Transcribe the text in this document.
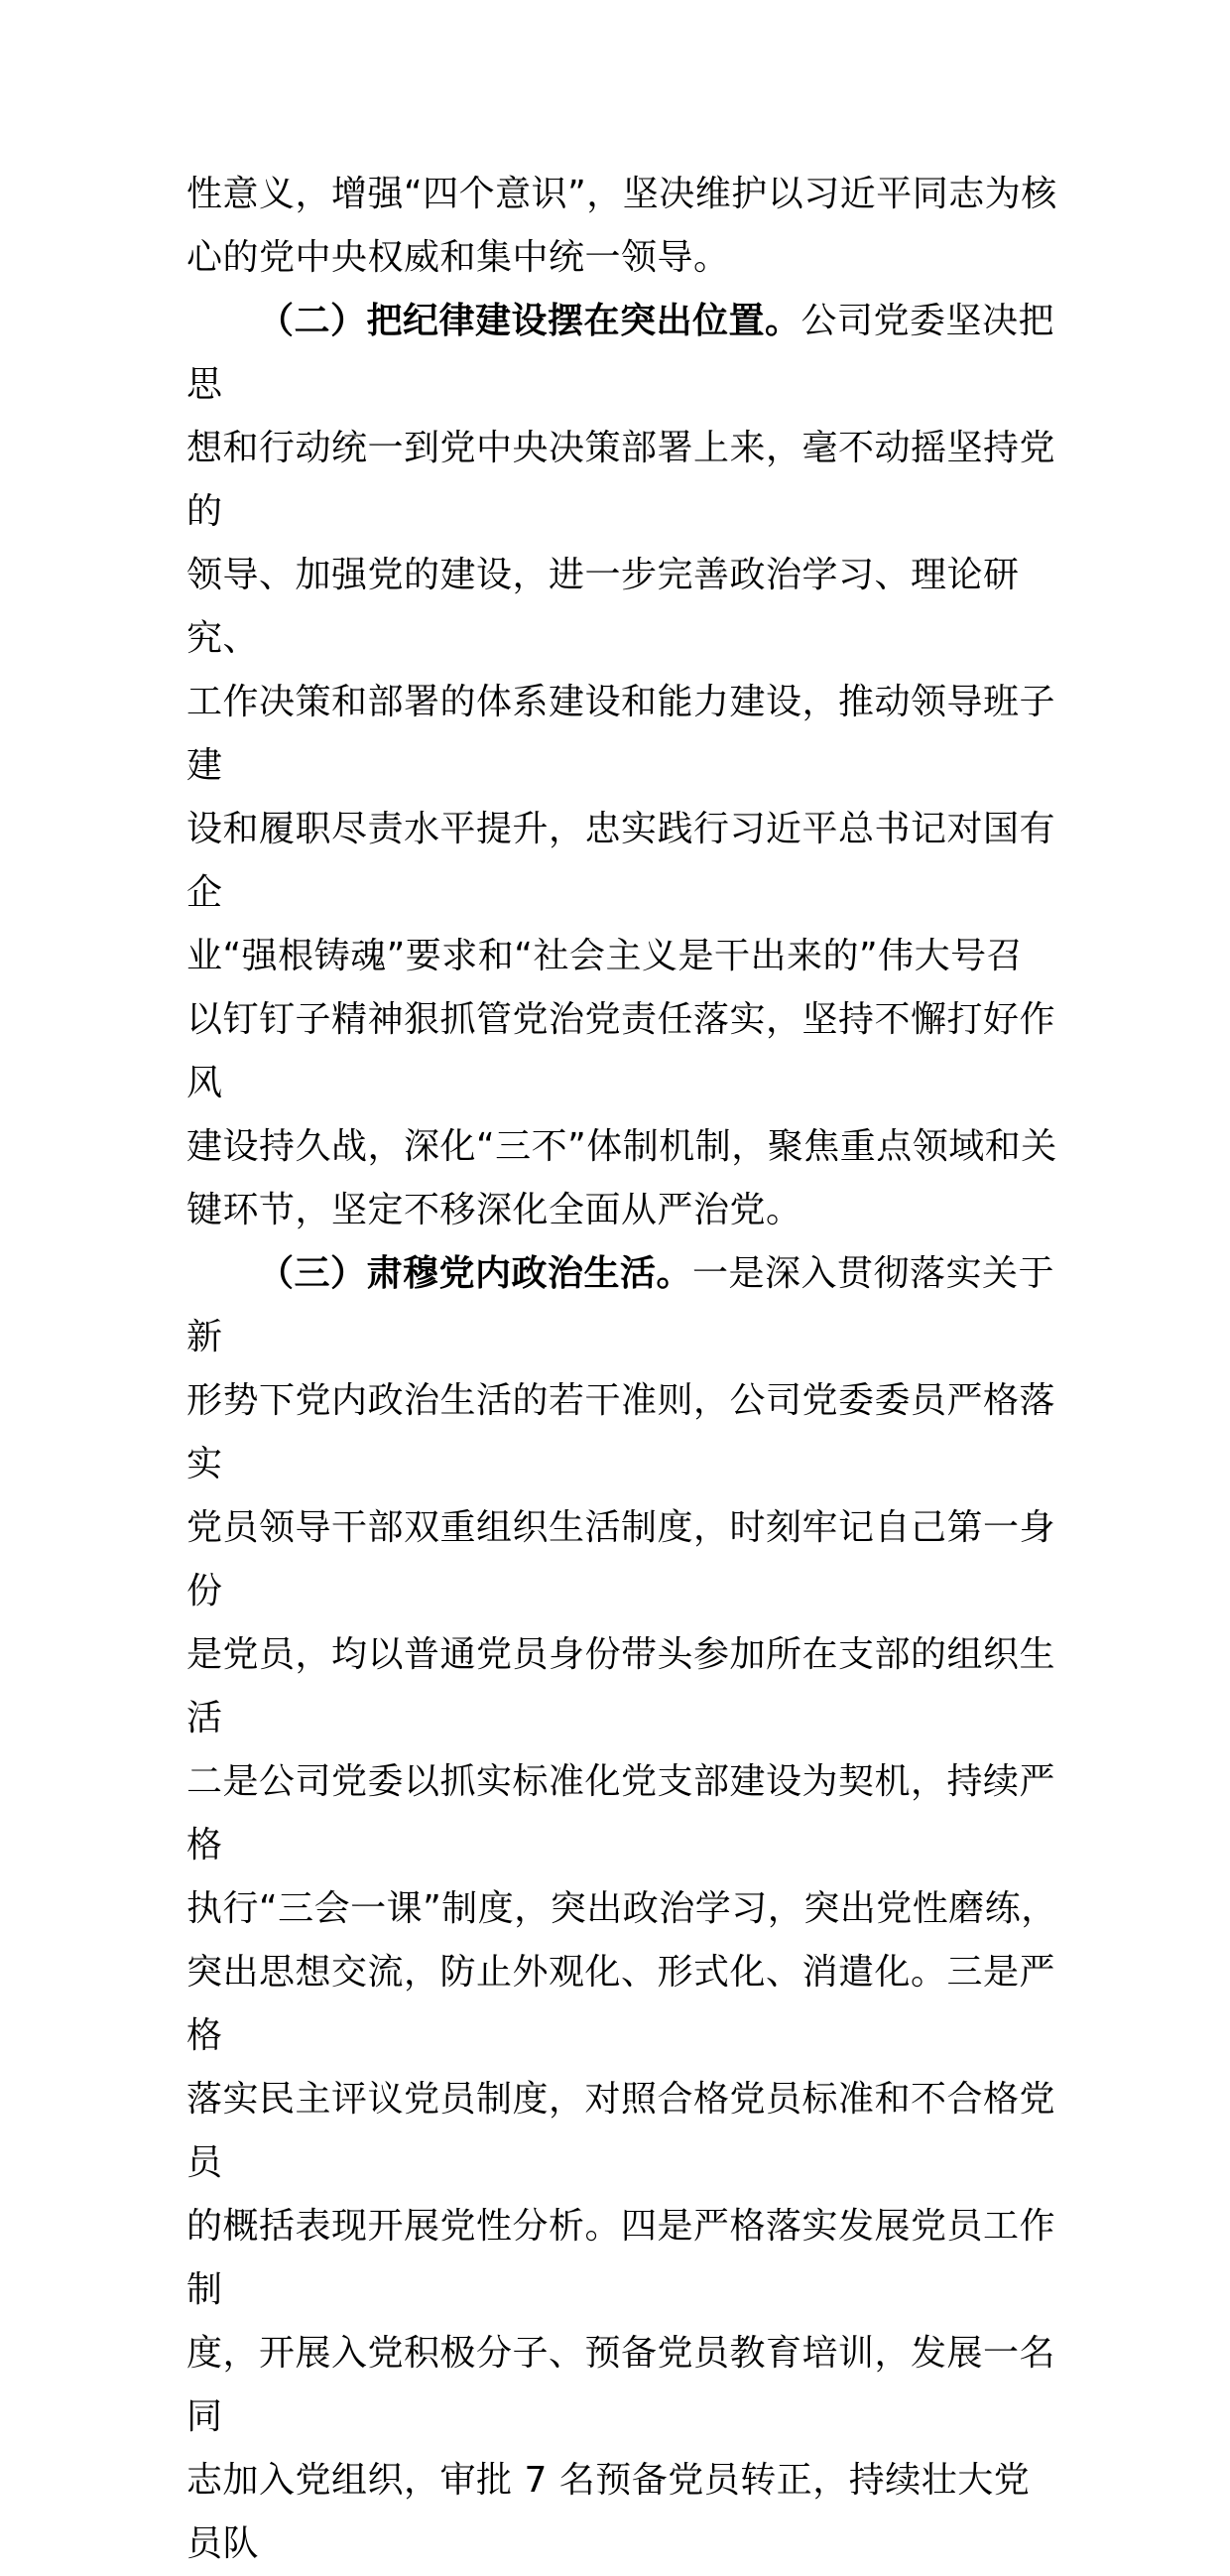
性意义，增强“四个意识”，坚决维护以习近平同志为核
心的党中央权威和集中统一领导。

（二）把纪律建设摆在突出位置。公司党委坚决把思
想和行动统一到党中央决策部署上来，毫不动摇坚持党的
领导、加强党的建设，进一步完善政治学习、理论研究、
工作决策和部署的体系建设和能力建设，推动领导班子建
设和履职尽责水平提升，忠实践行习近平总书记对国有企
业“强根铸魂”要求和“社会主义是干出来的”伟大号召
以钉钉子精神狠抓管党治党责任落实，坚持不懈打好作风
建设持久战，深化“三不”体制机制，聚焦重点领域和关
键环节，坚定不移深化全面从严治党。

（三）肃穆党内政治生活。一是深入贯彻落实关于新
形势下党内政治生活的若干准则，公司党委委员严格落实
党员领导干部双重组织生活制度，时刻牢记自己第一身份
是党员，均以普通党员身份带头参加所在支部的组织生活
二是公司党委以抓实标准化党支部建设为契机，持续严格
执行“三会一课”制度，突出政治学习，突出党性磨练，
突出思想交流，防止外观化、形式化、消遣化。三是严格
落实民主评议党员制度，对照合格党员标准和不合格党员
的概括表现开展党性分析。四是严格落实发展党员工作制
度，开展入党积极分子、预备党员教育培训，发展一名同
志加入党组织，审批 7 名预备党员转正，持续壮大党员队
